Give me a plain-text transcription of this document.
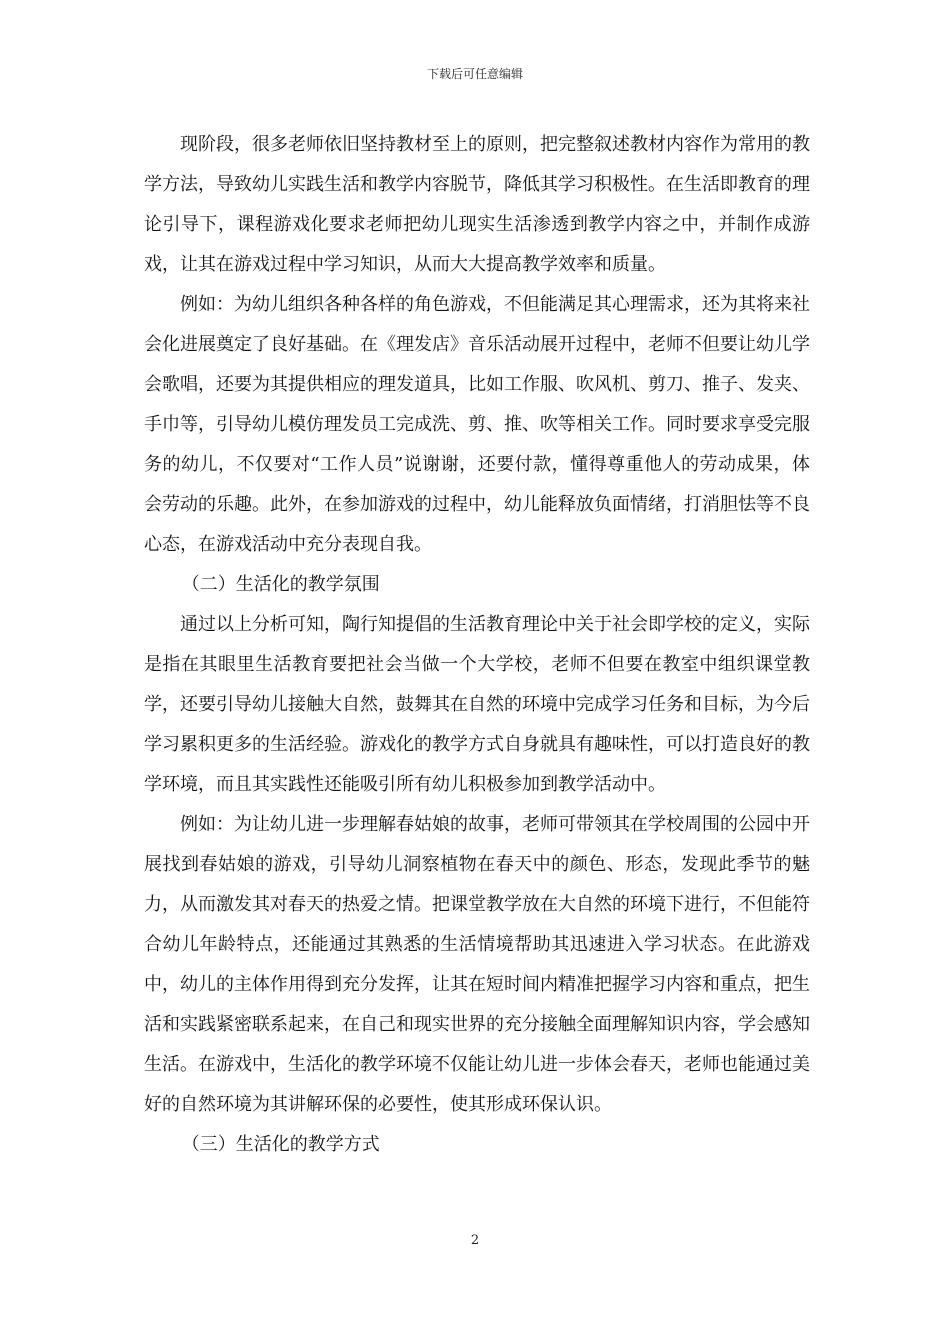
下载后可任意编辑

现阶段，很多老师依旧坚持教材至上的原则，把完整叙述教材内容作为常用的教学方法，导致幼儿实践生活和教学内容脱节，降低其学习积极性。在生活即教育的理论引导下，课程游戏化要求老师把幼儿现实生活渗透到教学内容之中，并制作成游戏，让其在游戏过程中学习知识，从而大大提高教学效率和质量。

例如：为幼儿组织各种各样的角色游戏，不但能满足其心理需求，还为其将来社会化进展奠定了良好基础。在《理发店》音乐活动展开过程中，老师不但要让幼儿学会歌唱，还要为其提供相应的理发道具，比如工作服、吹风机、剪刀、推子、发夹、手巾等，引导幼儿模仿理发员工完成洗、剪、推、吹等相关工作。同时要求享受完服务的幼儿，不仅要对“工作人员”说谢谢，还要付款，懂得尊重他人的劳动成果，体会劳动的乐趣。此外，在参加游戏的过程中，幼儿能释放负面情绪，打消胆怯等不良心态，在游戏活动中充分表现自我。

（二）生活化的教学氛围

通过以上分析可知，陶行知提倡的生活教育理论中关于社会即学校的定义，实际是指在其眼里生活教育要把社会当做一个大学校，老师不但要在教室中组织课堂教学，还要引导幼儿接触大自然，鼓舞其在自然的环境中完成学习任务和目标，为今后学习累积更多的生活经验。游戏化的教学方式自身就具有趣味性，可以打造良好的教学环境，而且其实践性还能吸引所有幼儿积极参加到教学活动中。

例如：为让幼儿进一步理解春姑娘的故事，老师可带领其在学校周围的公园中开展找到春姑娘的游戏，引导幼儿洞察植物在春天中的颜色、形态，发现此季节的魅力，从而激发其对春天的热爱之情。把课堂教学放在大自然的环境下进行，不但能符合幼儿年龄特点，还能通过其熟悉的生活情境帮助其迅速进入学习状态。在此游戏中，幼儿的主体作用得到充分发挥，让其在短时间内精准把握学习内容和重点，把生活和实践紧密联系起来，在自己和现实世界的充分接触全面理解知识内容，学会感知生活。在游戏中，生活化的教学环境不仅能让幼儿进一步体会春天，老师也能通过美好的自然环境为其讲解环保的必要性，使其形成环保认识。

（三）生活化的教学方式

2
